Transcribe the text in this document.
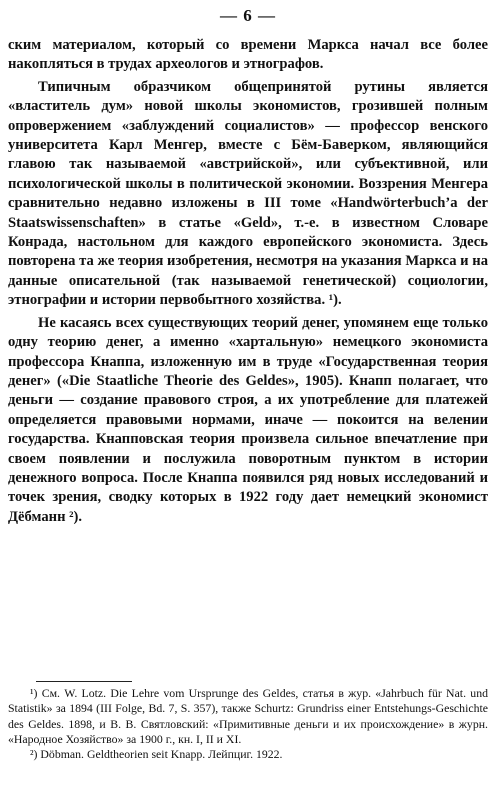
— 6 —

ским материалом, который со времени Маркса начал все более накопляться в трудах археологов и этнографов.

Типичным образчиком общепринятой рутины является «властитель дум» новой школы экономистов, грозившей полным опровержением «заблуждений социалистов» — профессор венского университета Карл Менгер, вместе с Бём-Баверком, являющийся главою так называемой «австрийской», или субъективной, или психологической школы в политической экономии. Воззрения Менгера сравнительно недавно изложены в III томе «Handwörterbuch’a der Staatswissenschaften» в статье «Geld», т.-е. в известном Словаре Конрада, настольном для каждого европейского экономиста. Здесь повторена та же теория изобретения, несмотря на указания Маркса и на данные описательной (так называемой генетической) социологии, этнографии и истории первобытного хозяйства. ¹).

Не касаясь всех существующих теорий денег, упомянем еще только одну теорию денег, а именно «хартальную» немецкого экономиста профессора Кнаппа, изложенную им в труде «Государственная теория денег» («Die Staatliche Theorie des Geldes», 1905). Кнапп полагает, что деньги — создание правового строя, а их употребление для платежей определяется правовыми нормами, иначе — покоится на велении государства. Кнапповская теория произвела сильное впечатление при своем появлении и послужила поворотным пунктом в истории денежного вопроса. После Кнаппа появился ряд новых исследований и точек зрения, сводку которых в 1922 году дает немецкий экономист Дёбманн ²).

¹) См. W. Lotz. Die Lehre vom Ursprunge des Geldes, статья в жур. «Jahrbuch für Nat. und Statistik» за 1894 (III Folge, Bd. 7, S. 357), также Schurtz: Grundriss einer Entstehungs-Geschichte des Geldes. 1898, и В. В. Святловский: «Примитивные деньги и их происхождение» в журн. «Народное Хозяйство» за 1900 г., кн. I, II и XI.

²) Döbman. Geldtheorien seit Knapp. Лейпциг. 1922.
